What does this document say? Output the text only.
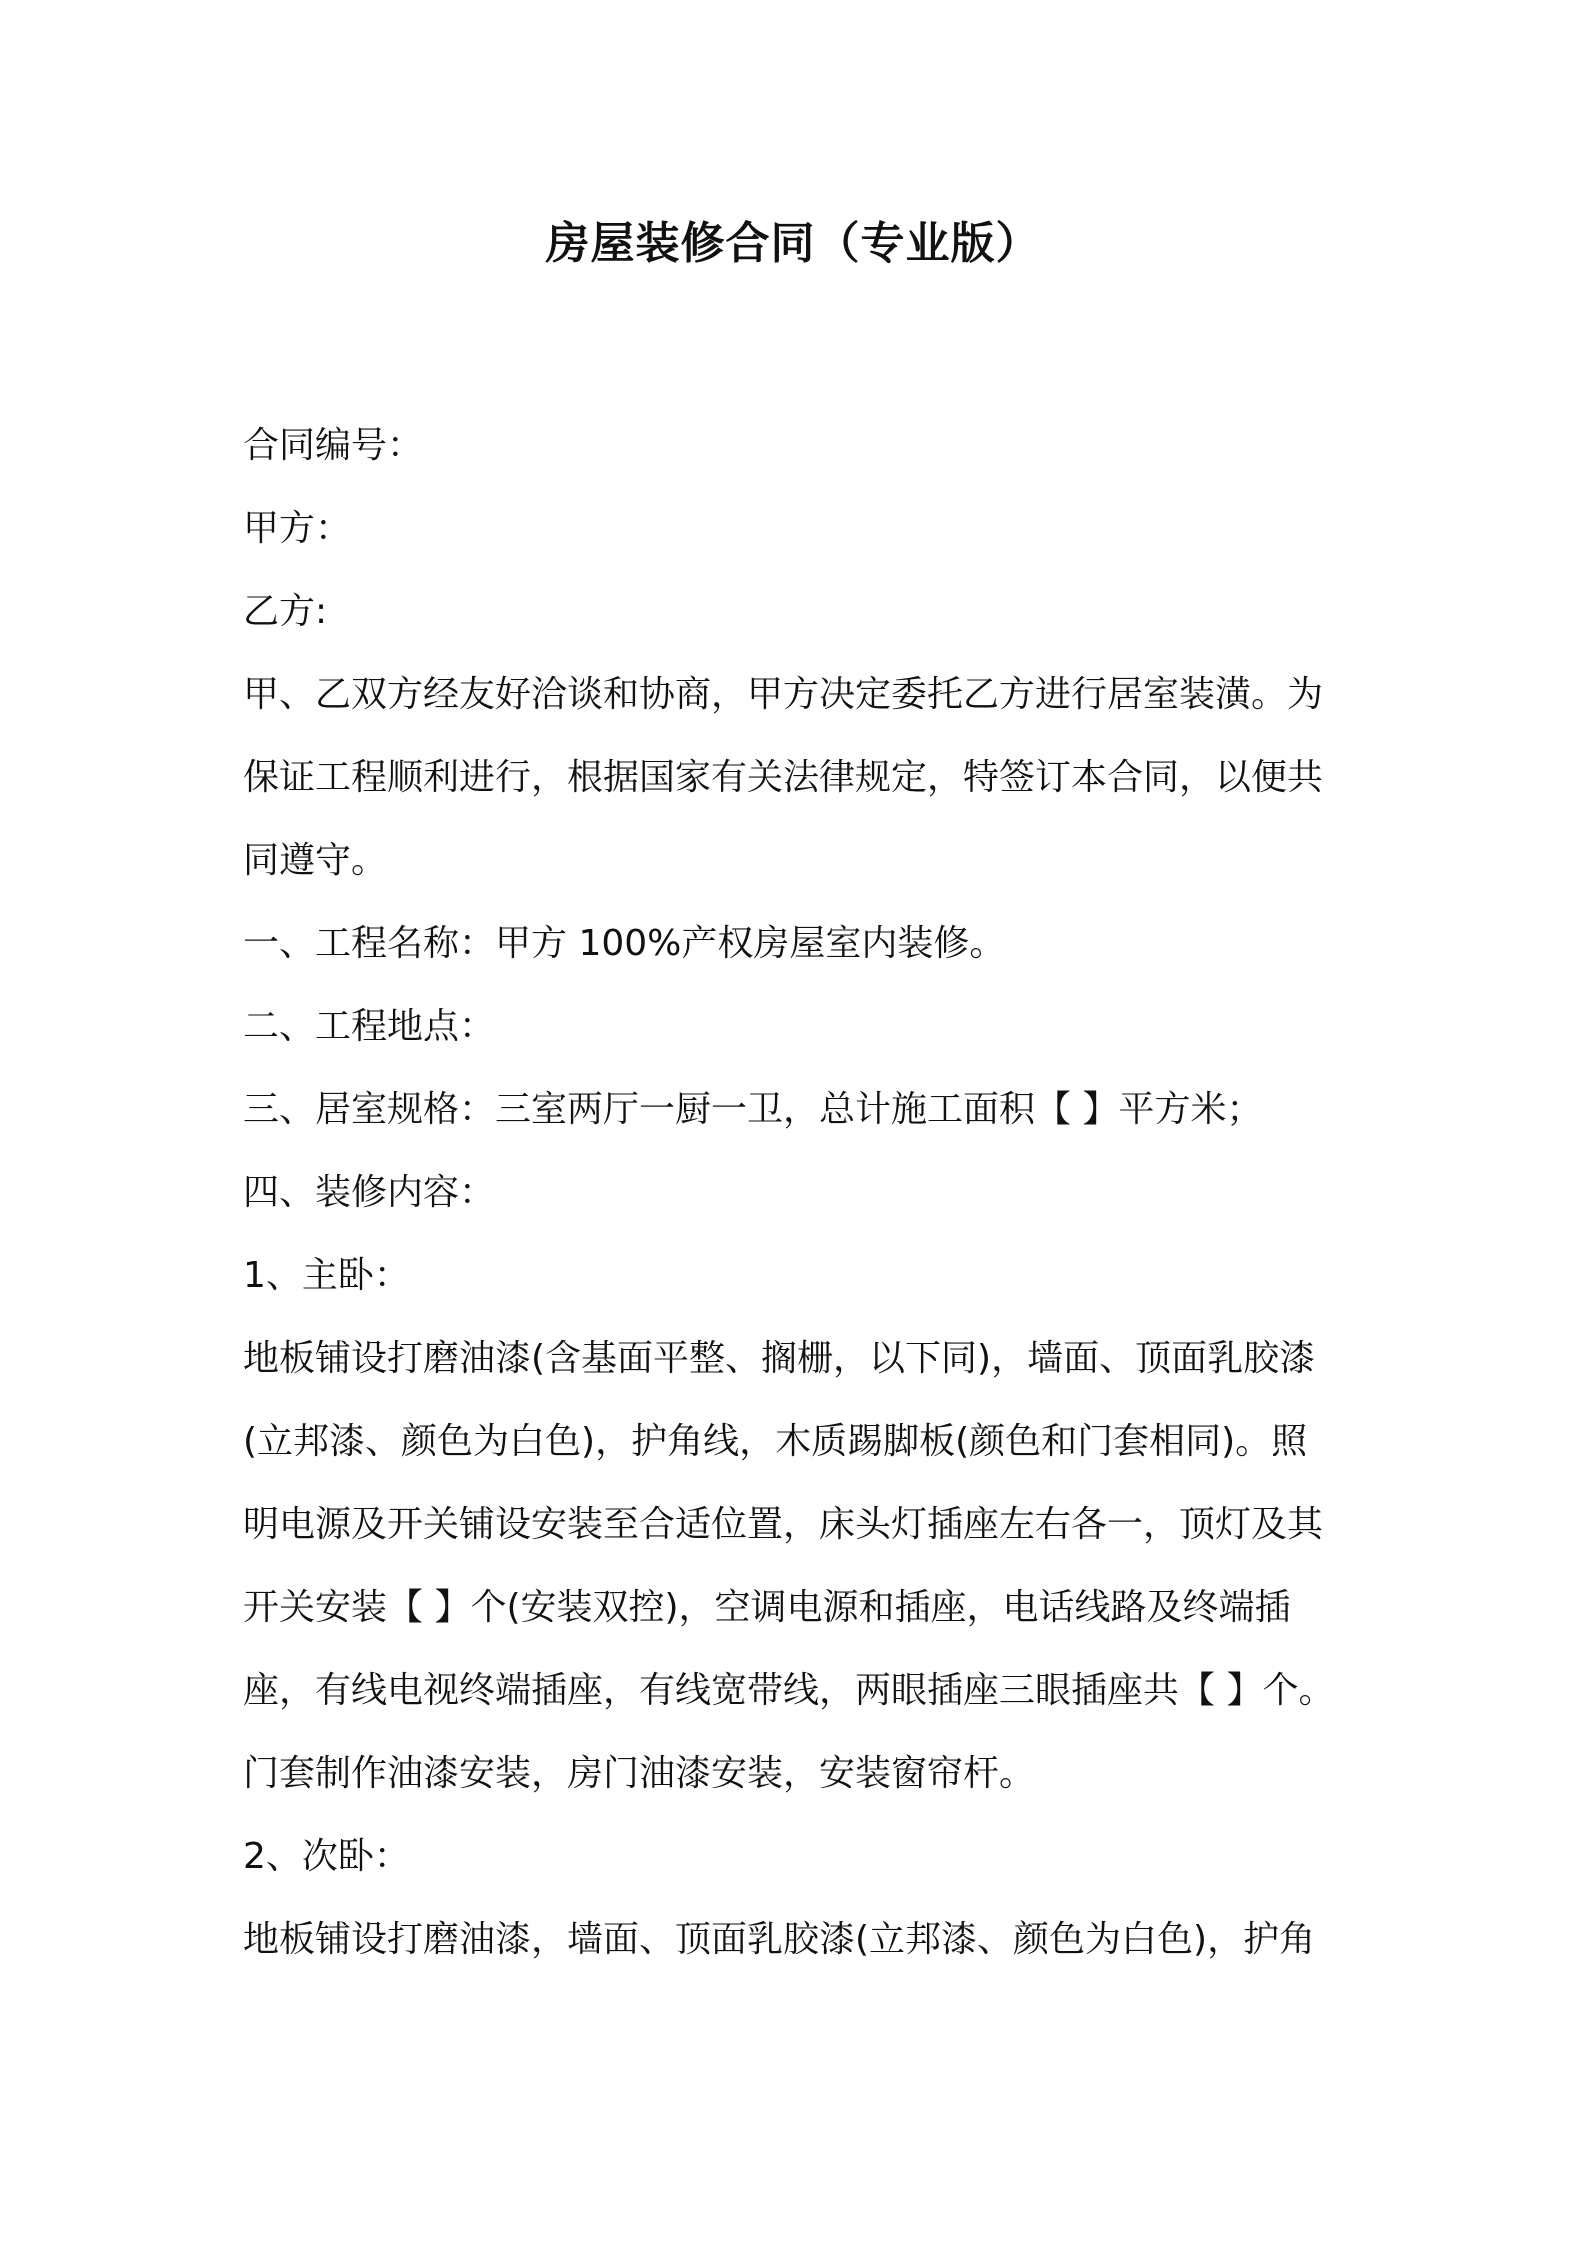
房屋装修合同（专业版）
合同编号：
甲方：
乙方:
甲、乙双方经友好洽谈和协商，甲方决定委托乙方进行居室装潢。为
保证工程顺利进行，根据国家有关法律规定，特签订本合同，以便共
同遵守。
一、工程名称：甲方 100%产权房屋室内装修。
二、工程地点：
三、居室规格：三室两厅一厨一卫，总计施工面积【 】平方米；
四、装修内容：
1、主卧：
地板铺设打磨油漆(含基面平整、搁栅，以下同)，墙面、顶面乳胶漆
(立邦漆、颜色为白色)，护角线，木质踢脚板(颜色和门套相同)。照
明电源及开关铺设安装至合适位置，床头灯插座左右各一，顶灯及其
开关安装【 】个(安装双控)，空调电源和插座，电话线路及终端插
座，有线电视终端插座，有线宽带线，两眼插座三眼插座共【 】个。
门套制作油漆安装，房门油漆安装，安装窗帘杆。
2、次卧：
地板铺设打磨油漆，墙面、顶面乳胶漆(立邦漆、颜色为白色)，护角
